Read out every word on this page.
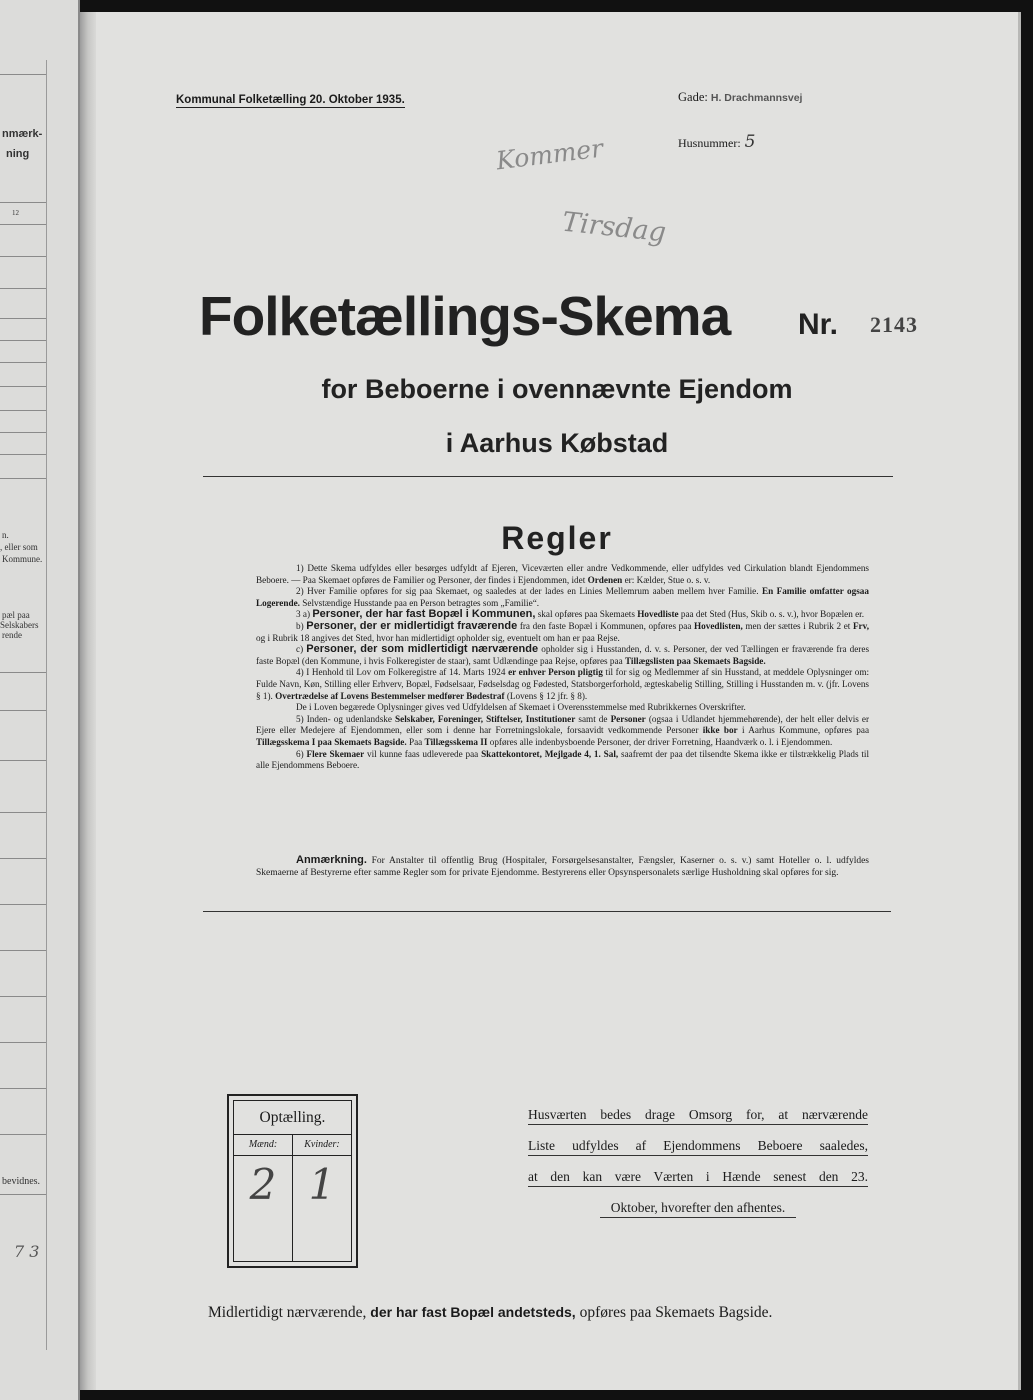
nmærk-
ning
12
n.
, eller som
Kommune.
pæl paa
Selskabers
rende
bevidnes.
7 3
Kommunal Folketælling 20. Oktober 1935.	Gade: H. Drachmannsvej
Husnummer: 5
Kommer
Tirsdag
Folketællings-Skema Nr. 2143
for Beboerne i ovennævnte Ejendom
i Aarhus Købstad
Regler

1) Dette Skema udfyldes eller besørges udfyldt af Ejeren, Viceværten eller andre Vedkommende, eller udfyldes ved Cirkulation blandt Ejendommens Beboere. — Paa Skemaet opføres de Familier og Personer, der findes i Ejendommen, idet Ordenen er: Kælder, Stue o. s. v.

2) Hver Familie opføres for sig paa Skemaet, og saaledes at der lades en Linies Mellemrum aaben mellem hver Familie. En Familie omfatter ogsaa Logerende. Selvstændige Husstande paa en Person betragtes som „Familie“.

3 a) Personer, der har fast Bopæl i Kommunen, skal opføres paa Skemaets Hovedliste paa det Sted (Hus, Skib o. s. v.), hvor Bopælen er.

b) Personer, der er midlertidigt fraværende fra den faste Bopæl i Kommunen, opføres paa Hovedlisten, men der sættes i Rubrik 2 et Frv, og i Rubrik 18 angives det Sted, hvor han midlertidigt opholder sig, eventuelt om han er paa Rejse.

c) Personer, der som midlertidigt nærværende opholder sig i Husstanden, d. v. s. Personer, der ved Tællingen er fraværende fra deres faste Bopæl (den Kommune, i hvis Folkeregister de staar), samt Udlændinge paa Rejse, opføres paa Tillægslisten paa Skemaets Bagside.

4) I Henhold til Lov om Folkeregistre af 14. Marts 1924 er enhver Person pligtig til for sig og Medlemmer af sin Husstand, at meddele Oplysninger om: Fulde Navn, Køn, Stilling eller Erhverv, Bopæl, Fødselsaar, Fødselsdag og Fødested, Statsborgerforhold, ægteskabelig Stilling, Stilling i Husstanden m. v. (jfr. Lovens § 1). Overtrædelse af Lovens Bestemmelser medfører Bødestraf (Lovens § 12 jfr. § 8).

De i Loven begærede Oplysninger gives ved Udfyldelsen af Skemaet i Overensstemmelse med Rubrikkernes Overskrifter.

5) Inden- og udenlandske Selskaber, Foreninger, Stiftelser, Institutioner samt de Personer (ogsaa i Udlandet hjemmehørende), der helt eller delvis er Ejere eller Medejere af Ejendommen, eller som i denne har Forretningslokale, forsaavidt vedkommende Personer ikke bor i Aarhus Kommune, opføres paa Tillægsskema I paa Skemaets Bagside. Paa Tillægsskema II opføres alle indenbysboende Personer, der driver Forretning, Haandværk o. l. i Ejendommen.

6) Flere Skemaer vil kunne faas udleverede paa Skattekontoret, Mejlgade 4, 1. Sal, saafremt der paa det tilsendte Skema ikke er tilstrækkelig Plads til alle Ejendommens Beboere.

Anmærkning. For Anstalter til offentlig Brug (Hospitaler, Forsørgelsesanstalter, Fængsler, Kaserner o. s. v.) samt Hoteller o. l. udfyldes Skemaerne af Bestyrerne efter samme Regler som for private Ejendomme. Bestyrerens eller Opsynspersonalets særlige Husholdning skal opføres for sig.

Optælling.
Mænd:
2
Kvinder:
1
Husværten bedes drage Omsorg for, at nærværende
Liste udfyldes af Ejendommens Beboere saaledes,
at den kan være Værten i Hænde senest den 23.
Oktober, hvorefter den afhentes.
Midlertidigt nærværende, der har fast Bopæl andetsteds, opføres paa Skemaets Bagside.
